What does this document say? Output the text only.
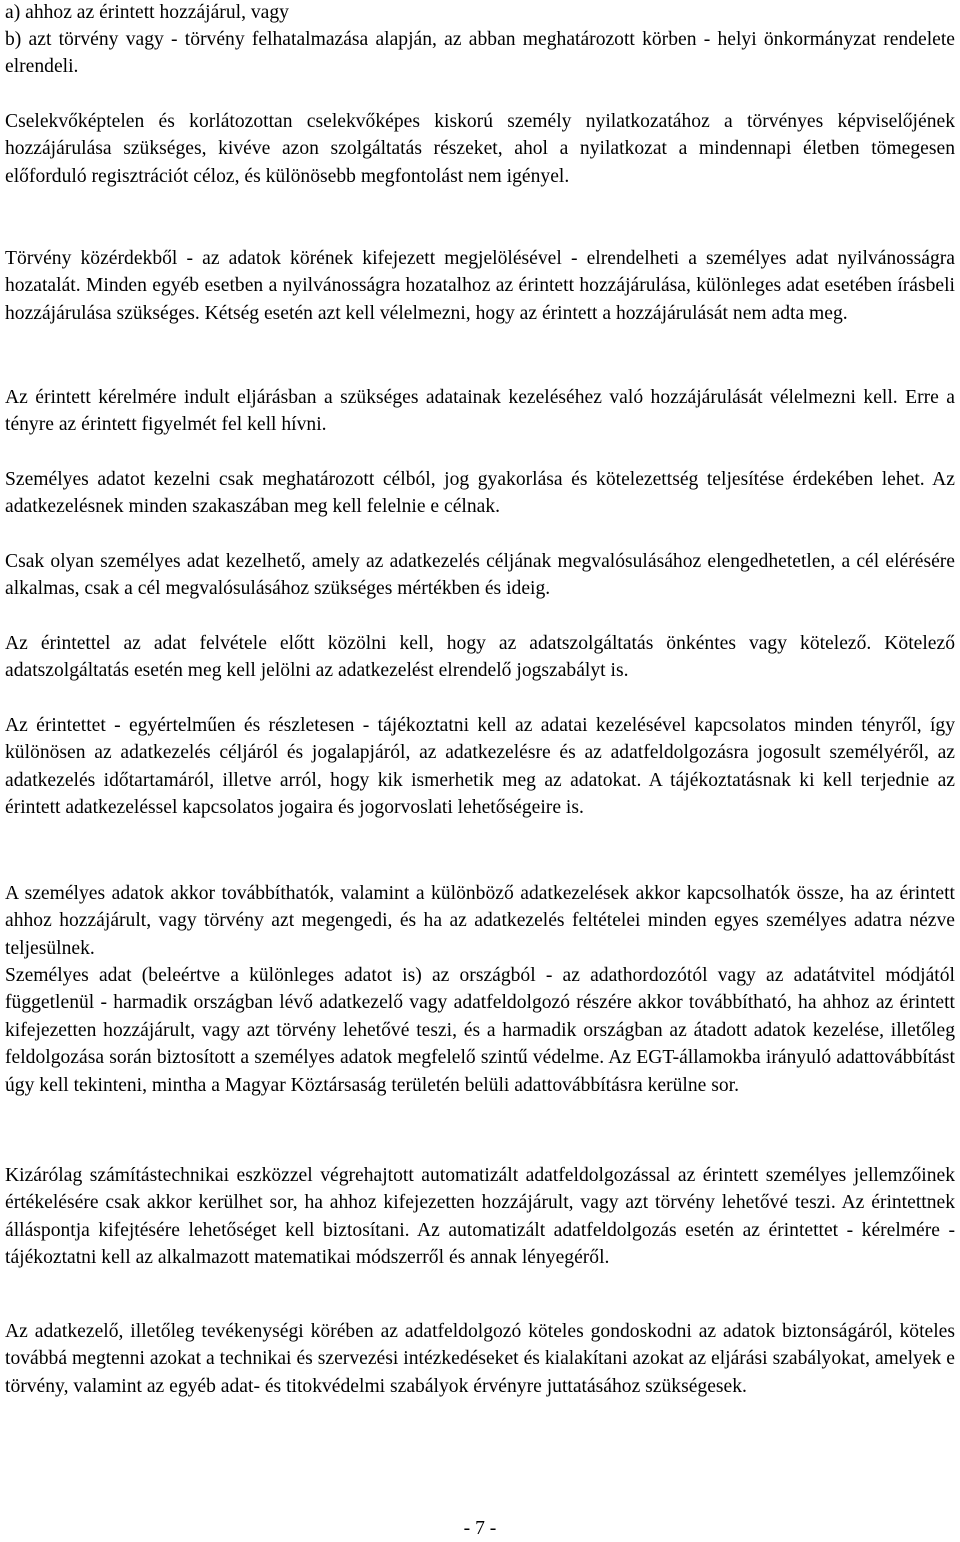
a) ahhoz az érintett hozzájárul, vagy

b) azt törvény vagy - törvény felhatalmazása alapján, az abban meghatározott körben - helyi önkormányzat rendelete elrendeli.

Cselekvőképtelen és korlátozottan cselekvőképes kiskorú személy nyilatkozatához a törvényes képviselőjének hozzájárulása szükséges, kivéve azon szolgáltatás részeket, ahol a nyilatkozat a mindennapi életben tömegesen előforduló regisztrációt céloz, és különösebb megfontolást nem igényel.

Törvény közérdekből - az adatok körének kifejezett megjelölésével - elrendelheti a személyes adat nyilvánosságra hozatalát. Minden egyéb esetben a nyilvánosságra hozatalhoz az érintett hozzájárulása, különleges adat esetében írásbeli hozzájárulása szükséges. Kétség esetén azt kell vélelmezni, hogy az érintett a hozzájárulását nem adta meg.

Az érintett kérelmére indult eljárásban a szükséges adatainak kezeléséhez való hozzájárulását vélelmezni kell. Erre a tényre az érintett figyelmét fel kell hívni.

Személyes adatot kezelni csak meghatározott célból, jog gyakorlása és kötelezettség teljesítése érdekében lehet. Az adatkezelésnek minden szakaszában meg kell felelnie e célnak.

Csak olyan személyes adat kezelhető, amely az adatkezelés céljának megvalósulásához elengedhetetlen, a cél elérésére alkalmas, csak a cél megvalósulásához szükséges mértékben és ideig.

Az érintettel az adat felvétele előtt közölni kell, hogy az adatszolgáltatás önkéntes vagy kötelező. Kötelező adatszolgáltatás esetén meg kell jelölni az adatkezelést elrendelő jogszabályt is.

Az érintettet - egyértelműen és részletesen - tájékoztatni kell az adatai kezelésével kapcsolatos minden tényről, így különösen az adatkezelés céljáról és jogalapjáról, az adatkezelésre és az adatfeldolgozásra jogosult személyéről, az adatkezelés időtartamáról, illetve arról, hogy kik ismerhetik meg az adatokat. A tájékoztatásnak ki kell terjednie az érintett adatkezeléssel kapcsolatos jogaira és jogorvoslati lehetőségeire is.

A személyes adatok akkor továbbíthatók, valamint a különböző adatkezelések akkor kapcsolhatók össze, ha az érintett ahhoz hozzájárult, vagy törvény azt megengedi, és ha az adatkezelés feltételei minden egyes személyes adatra nézve teljesülnek.

Személyes adat (beleértve a különleges adatot is) az országból - az adathordozótól vagy az adatátvitel módjától függetlenül - harmadik országban lévő adatkezelő vagy adatfeldolgozó részére akkor továbbítható, ha ahhoz az érintett kifejezetten hozzájárult, vagy azt törvény lehetővé teszi, és a harmadik országban az átadott adatok kezelése, illetőleg feldolgozása során biztosított a személyes adatok megfelelő szintű védelme. Az EGT-államokba irányuló adattovábbítást úgy kell tekinteni, mintha a Magyar Köztársaság területén belüli adattovábbításra kerülne sor.

Kizárólag számítástechnikai eszközzel végrehajtott automatizált adatfeldolgozással az érintett személyes jellemzőinek értékelésére csak akkor kerülhet sor, ha ahhoz kifejezetten hozzájárult, vagy azt törvény lehetővé teszi. Az érintettnek álláspontja kifejtésére lehetőséget kell biztosítani. Az automatizált adatfeldolgozás esetén az érintettet - kérelmére - tájékoztatni kell az alkalmazott matematikai módszerről és annak lényegéről.

Az adatkezelő, illetőleg tevékenységi körében az adatfeldolgozó köteles gondoskodni az adatok biztonságáról, köteles továbbá megtenni azokat a technikai és szervezési intézkedéseket és kialakítani azokat az eljárási szabályokat, amelyek e törvény, valamint az egyéb adat- és titokvédelmi szabályok érvényre juttatásához szükségesek.

- 7 -
